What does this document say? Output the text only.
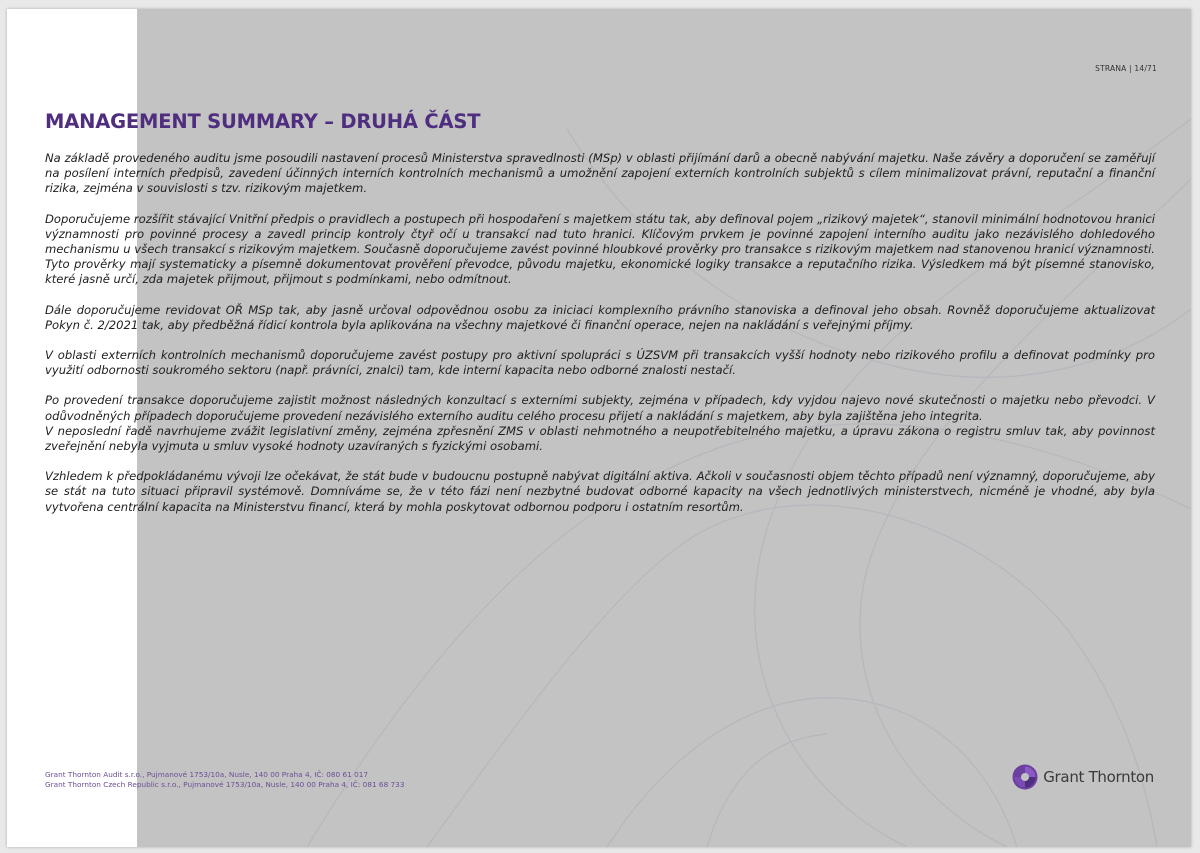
STRANA | 14/71
MANAGEMENT SUMMARY – DRUHÁ ČÁST

Na základě provedeného auditu jsme posoudili nastavení procesů Ministerstva spravedlnosti (MSp) v oblasti přijímání darů a obecně nabývání majetku. Naše závěry a doporučení se zaměřují na posílení interních předpisů, zavedení účinných interních kontrolních mechanismů a umožnění zapojení externích kontrolních subjektů s cílem minimalizovat právní, reputační a finanční rizika, zejména v souvislosti s tzv. rizikovým majetkem.

Doporučujeme rozšířit stávající Vnitřní předpis o pravidlech a postupech při hospodaření s majetkem státu tak, aby definoval pojem „rizikový majetek“, stanovil minimální hodnotovou hranici významnosti pro povinné procesy a zavedl princip kontroly čtyř očí u transakcí nad tuto hranici. Klíčovým prvkem je povinné zapojení interního auditu jako nezávislého dohledového mechanismu u všech transakcí s rizikovým majetkem. Současně doporučujeme zavést povinné hloubkové prověrky pro transakce s rizikovým majetkem nad stanovenou hranicí významnosti. Tyto prověrky mají systematicky a písemně dokumentovat prověření převodce, původu majetku, ekonomické logiky transakce a reputačního rizika. Výsledkem má být písemné stanovisko, které jasně určí, zda majetek přijmout, přijmout s podmínkami, nebo odmítnout.

Dále doporučujeme revidovat OŘ MSp tak, aby jasně určoval odpovědnou osobu za iniciaci komplexního právního stanoviska a definoval jeho obsah. Rovněž doporučujeme aktualizovat Pokyn č. 2/2021 tak, aby předběžná řídicí kontrola byla aplikována na všechny majetkové či finanční operace, nejen na nakládání s veřejnými příjmy.

V oblasti externích kontrolních mechanismů doporučujeme zavést postupy pro aktivní spolupráci s ÚZSVM při transakcích vyšší hodnoty nebo rizikového profilu a definovat podmínky pro využití odbornosti soukromého sektoru (např. právníci, znalci) tam, kde interní kapacita nebo odborné znalosti nestačí.

Po provedení transakce doporučujeme zajistit možnost následných konzultací s externími subjekty, zejména v případech, kdy vyjdou najevo nové skutečnosti o majetku nebo převodci. V odůvodněných případech doporučujeme provedení nezávislého externího auditu celého procesu přijetí a nakládání s majetkem, aby byla zajištěna jeho integrita.

V neposlední řadě navrhujeme zvážit legislativní změny, zejména zpřesnění ZMS v oblasti nehmotného a neupotřebitelného majetku, a úpravu zákona o registru smluv tak, aby povinnost zveřejnění nebyla vyjmuta u smluv vysoké hodnoty uzavíraných s fyzickými osobami.

Vzhledem k předpokládanému vývoji lze očekávat, že stát bude v budoucnu postupně nabývat digitální aktiva. Ačkoli v současnosti objem těchto případů není významný, doporučujeme, aby se stát na tuto situaci připravil systémově. Domníváme se, že v této fázi není nezbytné budovat odborné kapacity na všech jednotlivých ministerstvech, nicméně je vhodné, aby byla vytvořena centrální kapacita na Ministerstvu financí, která by mohla poskytovat odbornou podporu i ostatním resortům.

Grant Thornton Audit s.r.o., Pujmanové 1753/10a, Nusle, 140 00 Praha 4, IČ: 080 61 017
Grant Thornton Czech Republic s.r.o., Pujmanové 1753/10a, Nusle, 140 00 Praha 4, IČ: 081 68 733	Grant Thornton
